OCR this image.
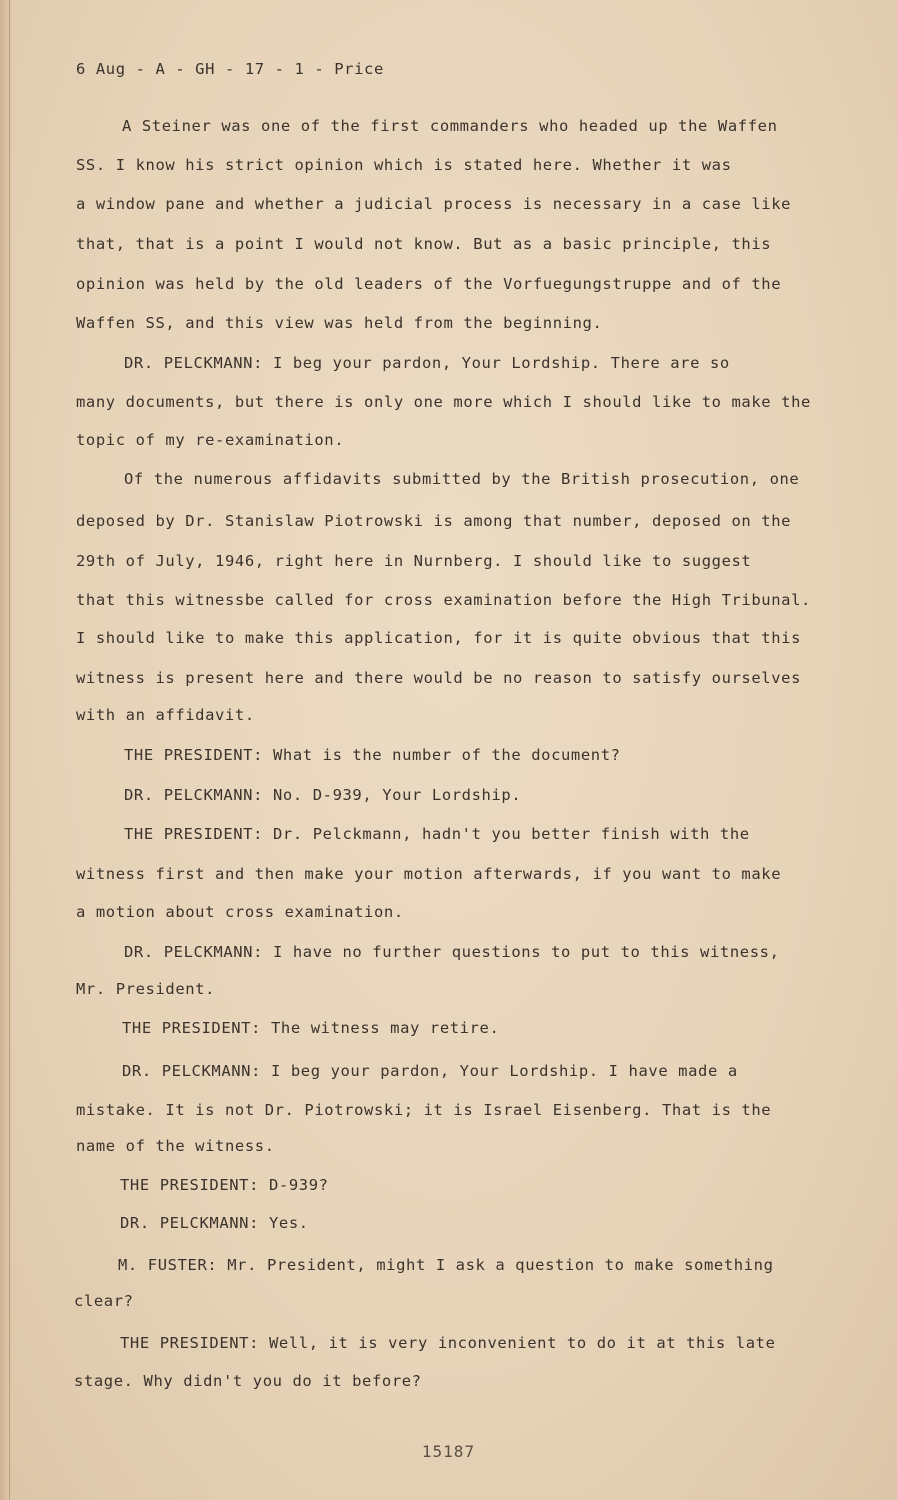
6 Aug - A - GH - 17 - 1 - Price
A Steiner was one of the first commanders who headed up the Waffen
SS. I know his strict opinion which is stated here. Whether it was
a window pane and whether a judicial process is necessary in a case like
that, that is a point I would not know. But as a basic principle, this
opinion was held by the old leaders of the Vorfuegungstruppe and of the
Waffen SS, and this view was held from the beginning.
DR. PELCKMANN: I beg your pardon, Your Lordship. There are so
many documents, but there is only one more which I should like to make the
topic of my re-examination.
Of the numerous affidavits submitted by the British prosecution, one
deposed by Dr. Stanislaw Piotrowski is among that number, deposed on the
29th of July, 1946, right here in Nurnberg. I should like to suggest
that this witnessbe called for cross examination before the High Tribunal.
I should like to make this application, for it is quite obvious that this
witness is present here and there would be no reason to satisfy ourselves
with an affidavit.
THE PRESIDENT: What is the number of the document?
DR. PELCKMANN: No. D-939, Your Lordship.
THE PRESIDENT: Dr. Pelckmann, hadn't you better finish with the
witness first and then make your motion afterwards, if you want to make
a motion about cross examination.
DR. PELCKMANN: I have no further questions to put to this witness,
Mr. President.
THE PRESIDENT: The witness may retire.
DR. PELCKMANN: I beg your pardon, Your Lordship. I have made a
mistake. It is not Dr. Piotrowski; it is Israel Eisenberg. That is the
name of the witness.
THE PRESIDENT: D-939?
DR. PELCKMANN: Yes.
M. FUSTER: Mr. President, might I ask a question to make something
clear?
THE PRESIDENT: Well, it is very inconvenient to do it at this late
stage. Why didn't you do it before?
15187
